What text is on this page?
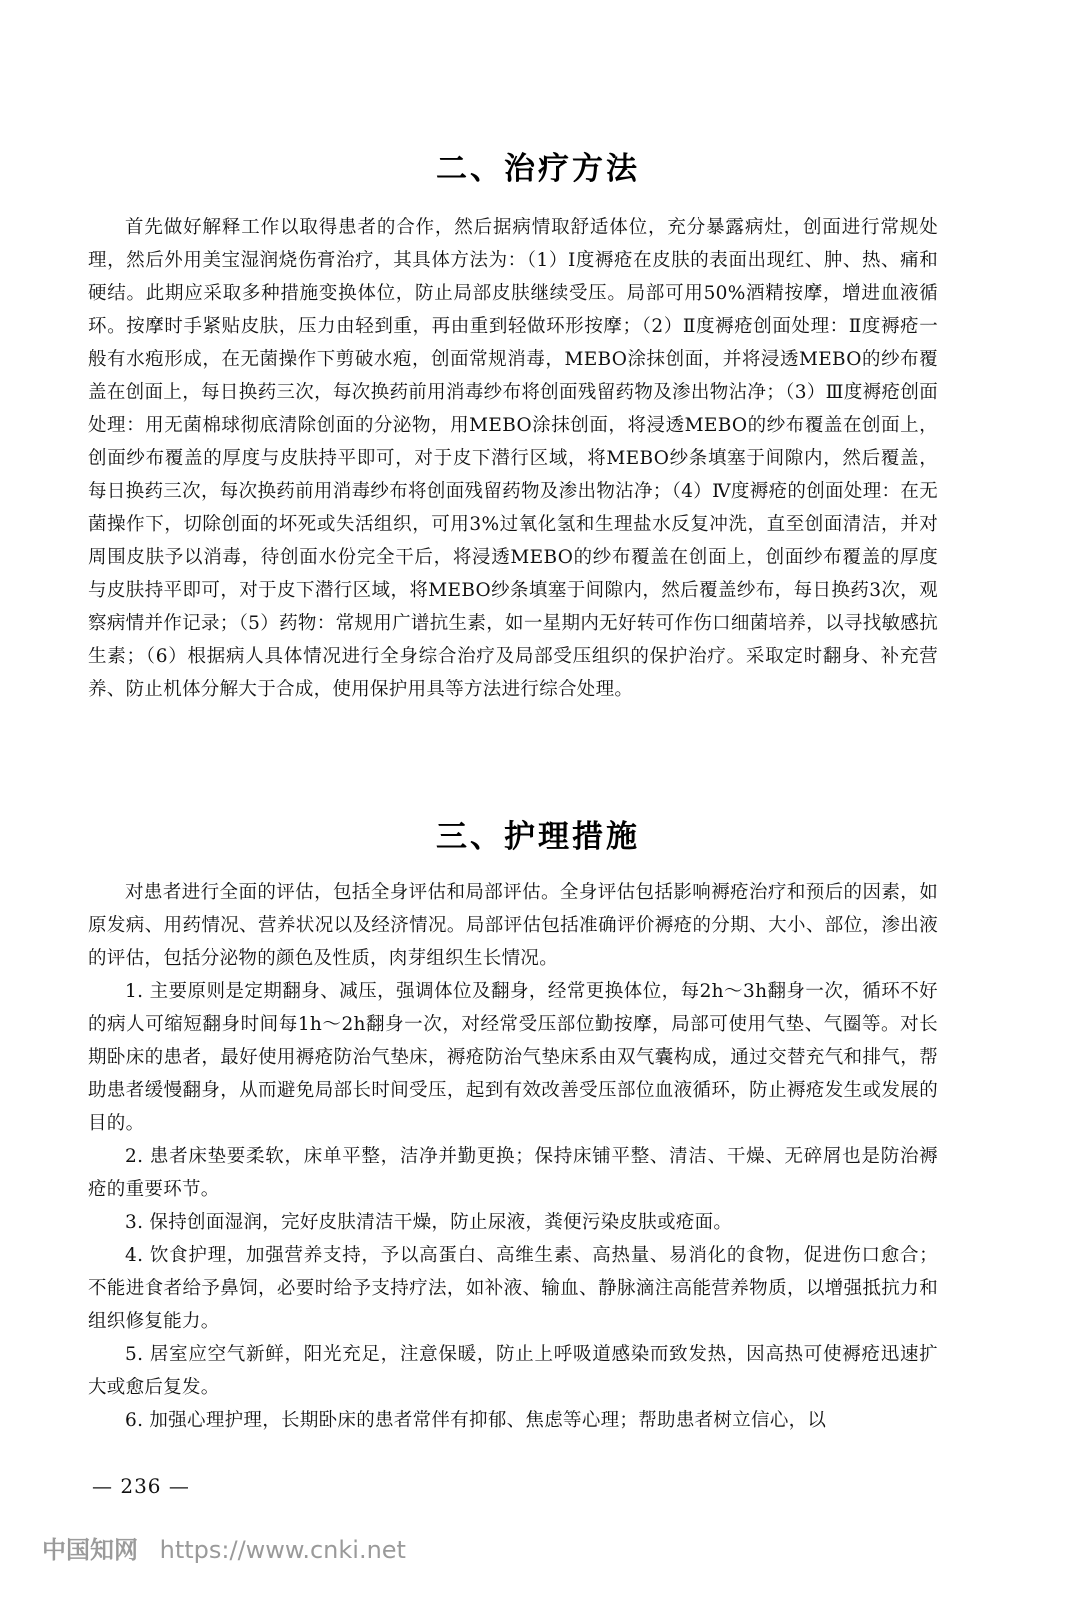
二、治疗方法

首先做好解释工作以取得患者的合作，然后据病情取舒适体位，充分暴露病灶，创面进行常规处理，然后外用美宝湿润烧伤膏治疗，其具体方法为：（1）Ⅰ度褥疮在皮肤的表面出现红、肿、热、痛和硬结。此期应采取多种措施变换体位，防止局部皮肤继续受压。局部可用50%酒精按摩，增进血液循环。按摩时手紧贴皮肤，压力由轻到重，再由重到轻做环形按摩；（2）Ⅱ度褥疮创面处理：Ⅱ度褥疮一般有水疱形成，在无菌操作下剪破水疱，创面常规消毒，MEBO涂抹创面，并将浸透MEBO的纱布覆盖在创面上，每日换药三次，每次换药前用消毒纱布将创面残留药物及渗出物沾净；（3）Ⅲ度褥疮创面处理：用无菌棉球彻底清除创面的分泌物，用MEBO涂抹创面，将浸透MEBO的纱布覆盖在创面上，创面纱布覆盖的厚度与皮肤持平即可，对于皮下潜行区域，将MEBO纱条填塞于间隙内，然后覆盖，每日换药三次，每次换药前用消毒纱布将创面残留药物及渗出物沾净；（4）Ⅳ度褥疮的创面处理：在无菌操作下，切除创面的坏死或失活组织，可用3%过氧化氢和生理盐水反复冲洗，直至创面清洁，并对周围皮肤予以消毒，待创面水份完全干后，将浸透MEBO的纱布覆盖在创面上，创面纱布覆盖的厚度与皮肤持平即可，对于皮下潜行区域，将MEBO纱条填塞于间隙内，然后覆盖纱布，每日换药3次，观察病情并作记录；（5）药物：常规用广谱抗生素，如一星期内无好转可作伤口细菌培养，以寻找敏感抗生素；（6）根据病人具体情况进行全身综合治疗及局部受压组织的保护治疗。采取定时翻身、补充营养、防止机体分解大于合成，使用保护用具等方法进行综合处理。

三、护理措施

对患者进行全面的评估，包括全身评估和局部评估。全身评估包括影响褥疮治疗和预后的因素，如原发病、用药情况、营养状况以及经济情况。局部评估包括准确评价褥疮的分期、大小、部位，渗出液的评估，包括分泌物的颜色及性质，肉芽组织生长情况。

1. 主要原则是定期翻身、减压，强调体位及翻身，经常更换体位，每2h～3h翻身一次，循环不好的病人可缩短翻身时间每1h～2h翻身一次，对经常受压部位勤按摩，局部可使用气垫、气圈等。对长期卧床的患者，最好使用褥疮防治气垫床，褥疮防治气垫床系由双气囊构成，通过交替充气和排气，帮助患者缓慢翻身，从而避免局部长时间受压，起到有效改善受压部位血液循环，防止褥疮发生或发展的目的。

2. 患者床垫要柔软，床单平整，洁净并勤更换；保持床铺平整、清洁、干燥、无碎屑也是防治褥疮的重要环节。

3. 保持创面湿润，完好皮肤清洁干燥，防止尿液，粪便污染皮肤或疮面。

4. 饮食护理，加强营养支持，予以高蛋白、高维生素、高热量、易消化的食物，促进伤口愈合；不能进食者给予鼻饲，必要时给予支持疗法，如补液、输血、静脉滴注高能营养物质，以增强抵抗力和组织修复能力。

5. 居室应空气新鲜，阳光充足，注意保暖，防止上呼吸道感染而致发热，因高热可使褥疮迅速扩大或愈后复发。

6. 加强心理护理，长期卧床的患者常伴有抑郁、焦虑等心理；帮助患者树立信心，以

— 236 —
中国知网 https://www.cnki.net
